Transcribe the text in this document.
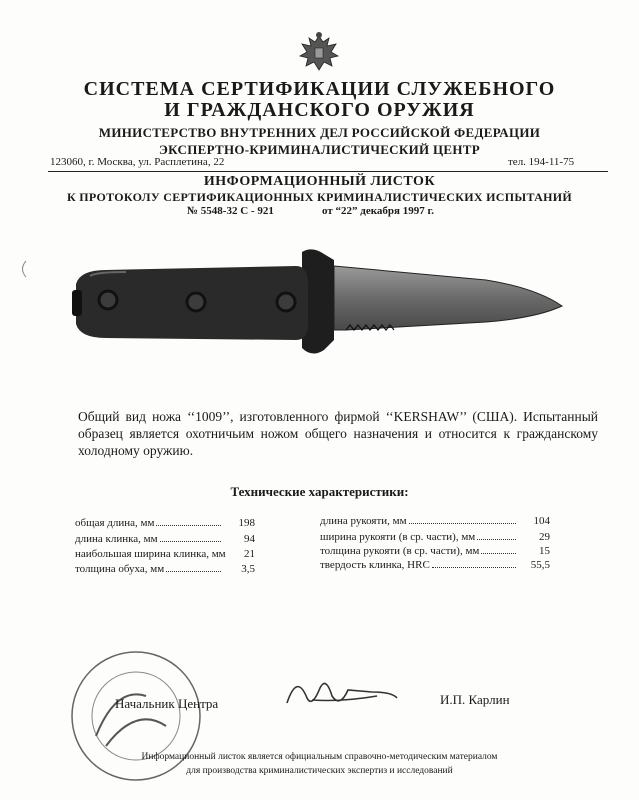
СИСТЕМА СЕРТИФИКАЦИИ СЛУЖЕБНОГО
И ГРАЖДАНСКОГО ОРУЖИЯ
МИНИСТЕРСТВО ВНУТРЕННИХ ДЕЛ РОССИЙСКОЙ ФЕДЕРАЦИИ
ЭКСПЕРТНО-КРИМИНАЛИСТИЧЕСКИЙ ЦЕНТР
123060, г. Москва, ул. Расплетина, 22	тел. 194-11-75
ИНФОРМАЦИОННЫЙ ЛИСТОК
К ПРОТОКОЛУ СЕРТИФИКАЦИОННЫХ КРИМИНАЛИСТИЧЕСКИХ ИСПЫТАНИЙ
№ 5548-32 С - 921	от “22” декабря 1997 г.
Общий вид ножа ‘‘1009’’, изготовленного фирмой ‘‘KERSHAW’’ (США). Испытанный образец является охотничьим ножом общего назначения и относится к гражданскому холодному оружию.
Технические характеристики:
общая длина, мм	198
длина клинка, мм	94
наибольшая ширина клинка, мм	21
толщина обуха, мм	3,5
длина рукояти, мм	104
ширина рукояти (в ср. части), мм	29
толщина рукояти (в ср. части), мм	15
твердость клинка, HRC	55,5
Начальник Центра	И.П. Карлин
Информационный листок является официальным справочно-методическим материалом
для производства криминалистических экспертиз и исследований
